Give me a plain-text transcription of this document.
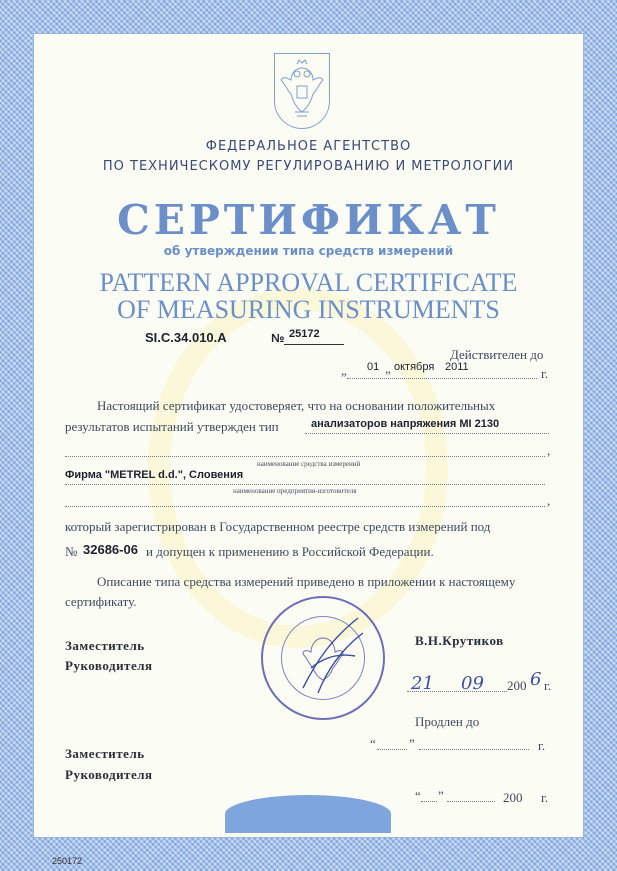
ФЕДЕРАЛЬНОЕ АГЕНТСТВО
ПО ТЕХНИЧЕСКОМУ РЕГУЛИРОВАНИЮ И МЕТРОЛОГИИ
СЕРТИФИКАТ
об утверждении типа средств измерений
PATTERN APPROVAL CERTIFICATE
OF MEASURING INSTRUMENTS
SI.C.34.010.A	№ 25172
Действителен до
„ 01 „ октября 2011	г.
Настоящий сертификат удостоверяет, что на основании положительных
результатов испытаний утвержден тип	анализаторов напряжения MI 2130
,
наименование средства измерений
Фирма "METREL d.d.", Словения
наименование предприятия-изготовителя
,
который зарегистрирован в Государственном реестре средств измерений под
№ 32686-06 и допущен к применению в Российской Федерации.
Описание типа средства измерений приведено в приложении к настоящему
сертификату.
Заместитель
Руководителя
В.Н.Крутиков
21 09 200 6 г.
Продлен до
“	”	г.
Заместитель
Руководителя
“ ”	200 г.
250172
